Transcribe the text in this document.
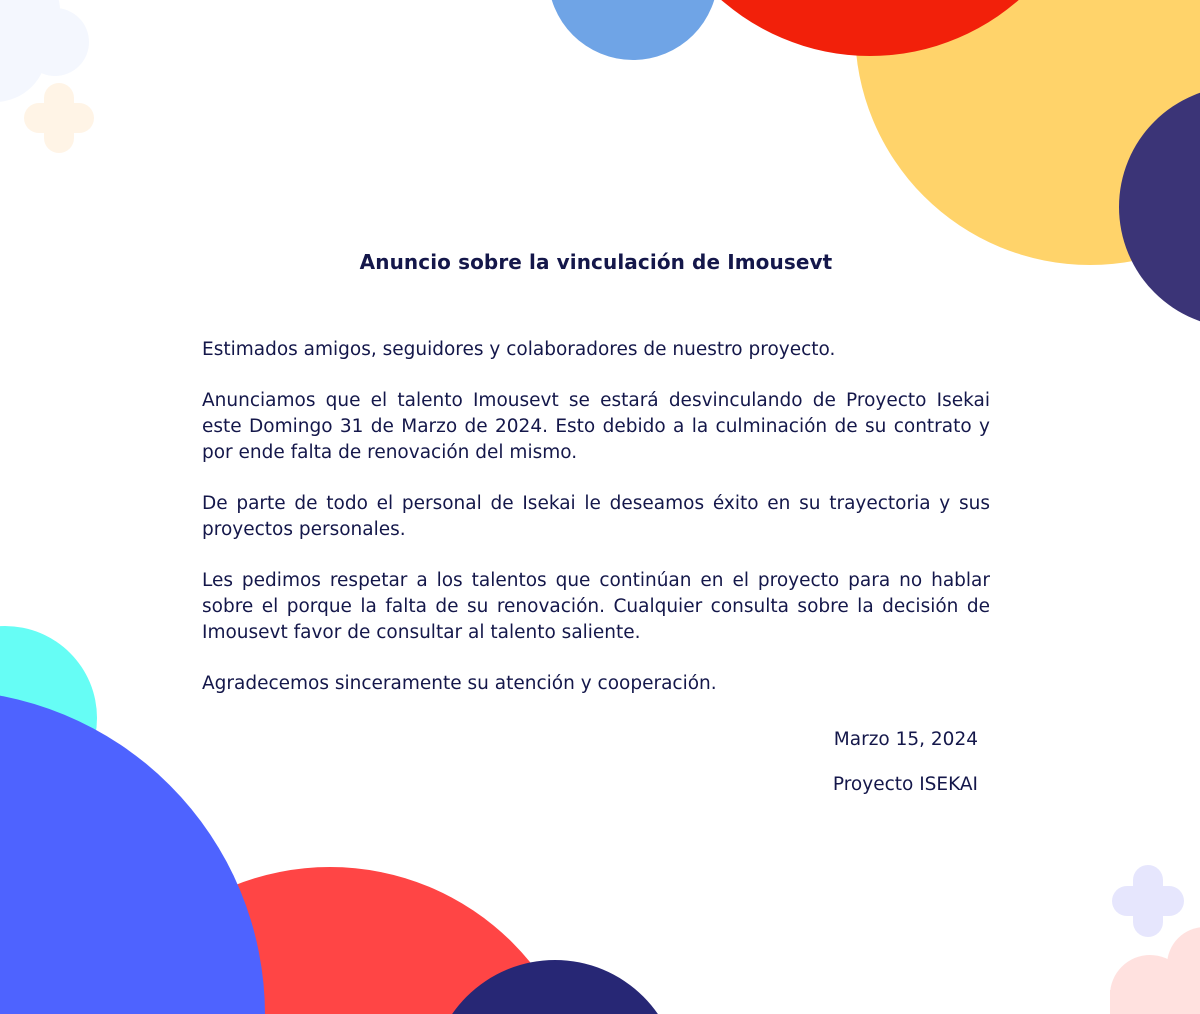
Anuncio sobre la vinculación de Imousevt

Estimados amigos, seguidores y colaboradores de nuestro proyecto.

Anunciamos que el talento Imousevt se estará desvinculando de Proyecto Isekai este Domingo 31 de Marzo de 2024. Esto debido a la culminación de su contrato y por ende falta de renovación del mismo.

De parte de todo el personal de Isekai le deseamos éxito en su trayectoria y sus proyectos personales.

Les pedimos respetar a los talentos que continúan en el proyecto para no hablar sobre el porque la falta de su renovación. Cualquier consulta sobre la decisión de Imousevt favor de consultar al talento saliente.

Agradecemos sinceramente su atención y cooperación.

Marzo 15, 2024
Proyecto ISEKAI
